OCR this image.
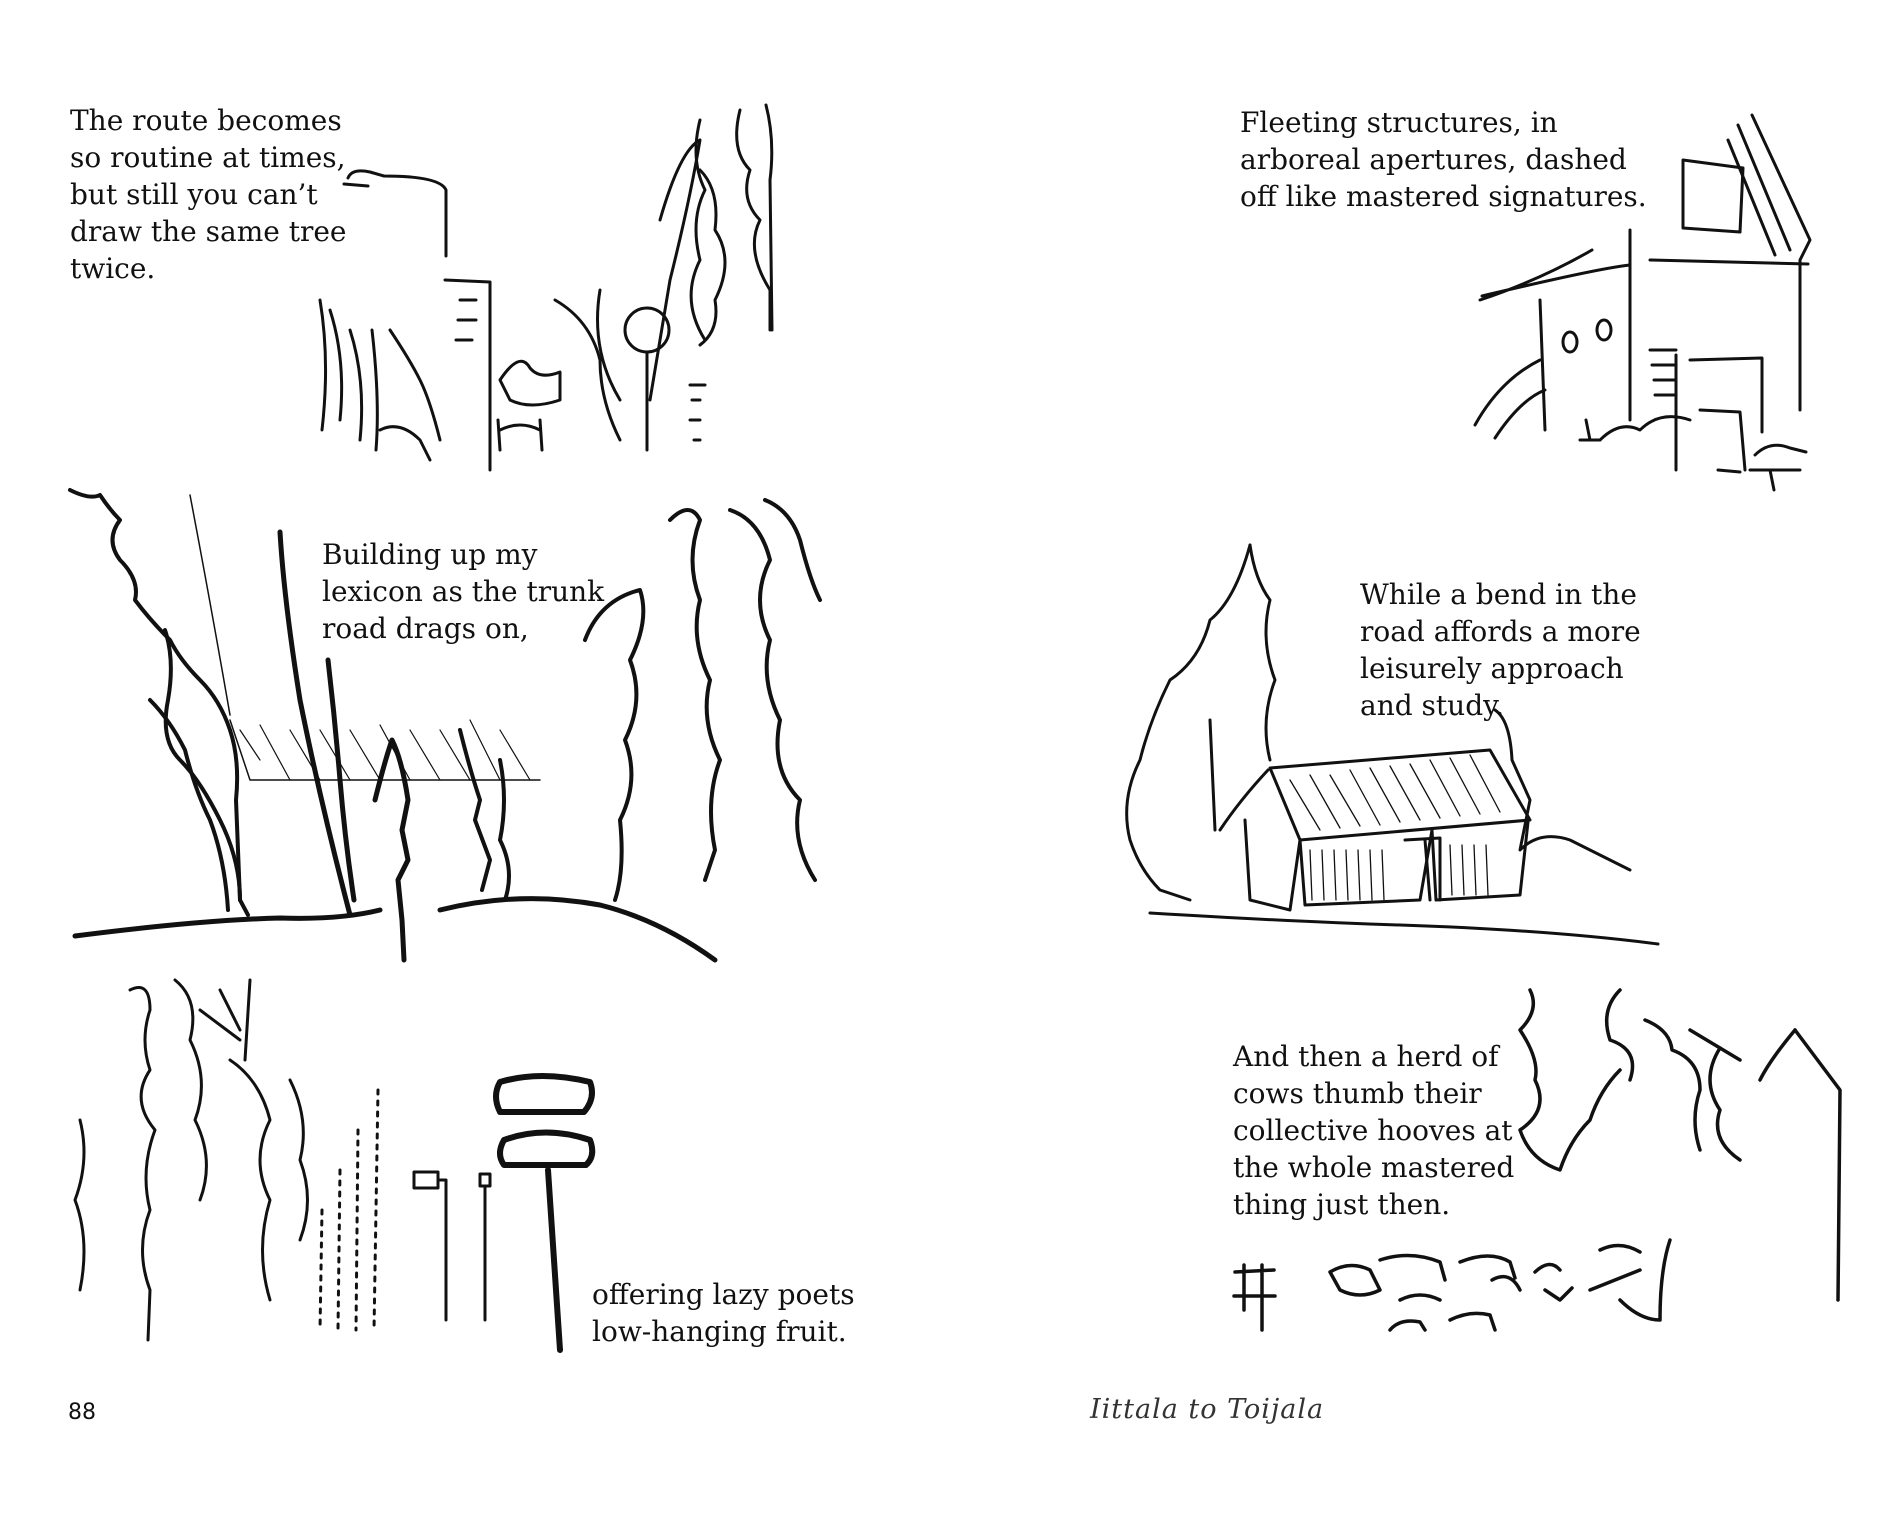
The route becomes
so routine at times,
but still you can’t
draw the same tree
twice.
Building up my
lexicon as the trunk
road drags on,
offering lazy poets
low-hanging fruit.
Fleeting structures, in
arboreal apertures, dashed
off like mastered signatures.
While a bend in the
road affords a more
leisurely approach
and study.
And then a herd of
cows thumb their
collective hooves at
the whole mastered
thing just then.
88	Iittala to Toijala
